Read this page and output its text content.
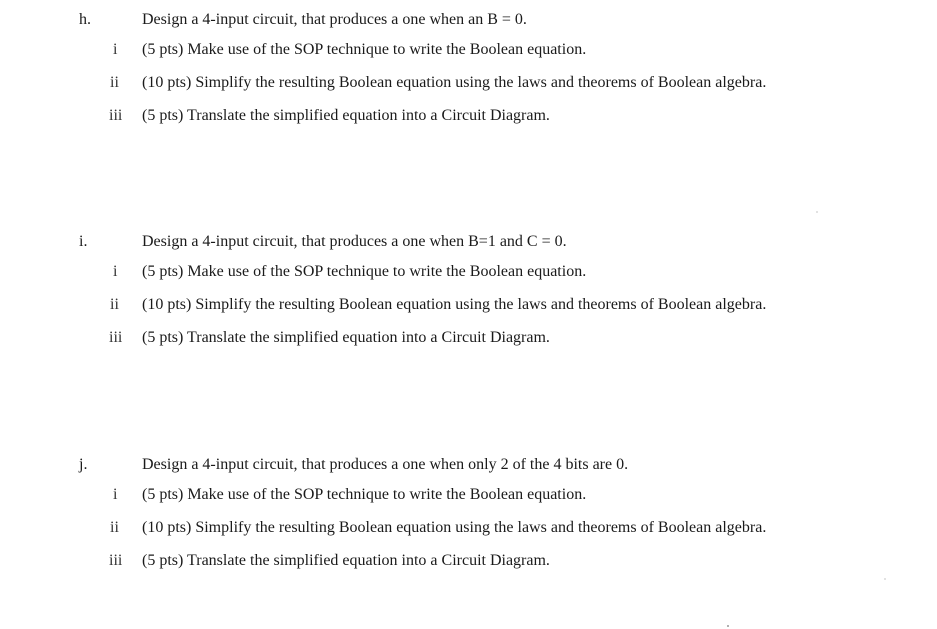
h.	Design a 4-input circuit, that produces a one when an B = 0.
i (5 pts) Make use of the SOP technique to write the Boolean equation.
ii (10 pts) Simplify the resulting Boolean equation using the laws and theorems of Boolean algebra.
iii (5 pts) Translate the simplified equation into a Circuit Diagram.
i.	Design a 4-input circuit, that produces a one when B=1 and C = 0.
i (5 pts) Make use of the SOP technique to write the Boolean equation.
ii (10 pts) Simplify the resulting Boolean equation using the laws and theorems of Boolean algebra.
iii (5 pts) Translate the simplified equation into a Circuit Diagram.
j.	Design a 4-input circuit, that produces a one when only 2 of the 4 bits are 0.
i (5 pts) Make use of the SOP technique to write the Boolean equation.
ii (10 pts) Simplify the resulting Boolean equation using the laws and theorems of Boolean algebra.
iii (5 pts) Translate the simplified equation into a Circuit Diagram.
